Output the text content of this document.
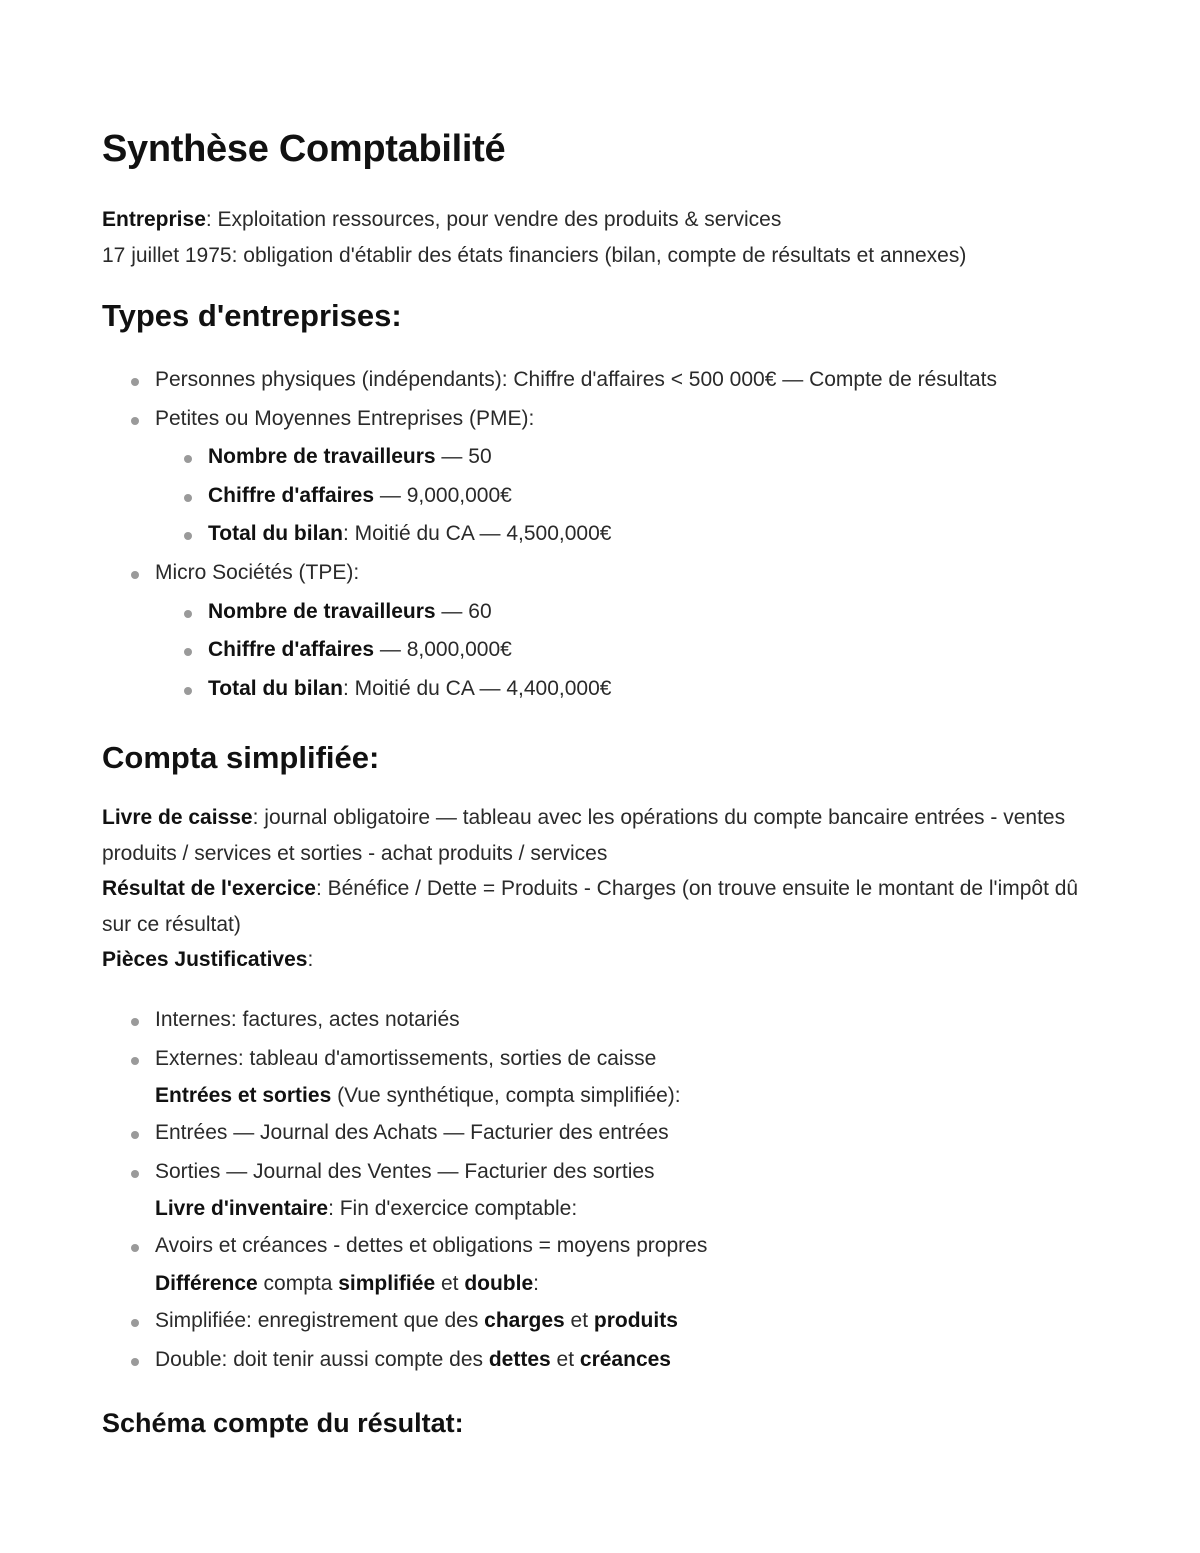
Synthèse Comptabilité
Entreprise: Exploitation ressources, pour vendre des produits & services
17 juillet 1975: obligation d'établir des états financiers (bilan, compte de résultats et annexes)
Types d'entreprises:
Personnes physiques (indépendants): Chiffre d'affaires < 500 000€ — Compte de résultats
Petites ou Moyennes Entreprises (PME):
Nombre de travailleurs — 50
Chiffre d'affaires — 9,000,000€
Total du bilan: Moitié du CA — 4,500,000€
Micro Sociétés (TPE):
Nombre de travailleurs — 60
Chiffre d'affaires — 8,000,000€
Total du bilan: Moitié du CA — 4,400,000€
Compta simplifiée:
Livre de caisse: journal obligatoire — tableau avec les opérations du compte bancaire entrées - ventes produits / services et sorties - achat produits / services
Résultat de l'exercice: Bénéfice / Dette = Produits - Charges (on trouve ensuite le montant de l'impôt dû sur ce résultat)
Pièces Justificatives:
Internes: factures, actes notariés
Externes: tableau d'amortissements, sorties de caisse
Entrées et sorties (Vue synthétique, compta simplifiée):
Entrées — Journal des Achats — Facturier des entrées
Sorties — Journal des Ventes — Facturier des sorties
Livre d'inventaire: Fin d'exercice comptable:
Avoirs et créances - dettes et obligations = moyens propres
Différence compta simplifiée et double:
Simplifiée: enregistrement que des charges et produits
Double: doit tenir aussi compte des dettes et créances
Schéma compte du résultat:
